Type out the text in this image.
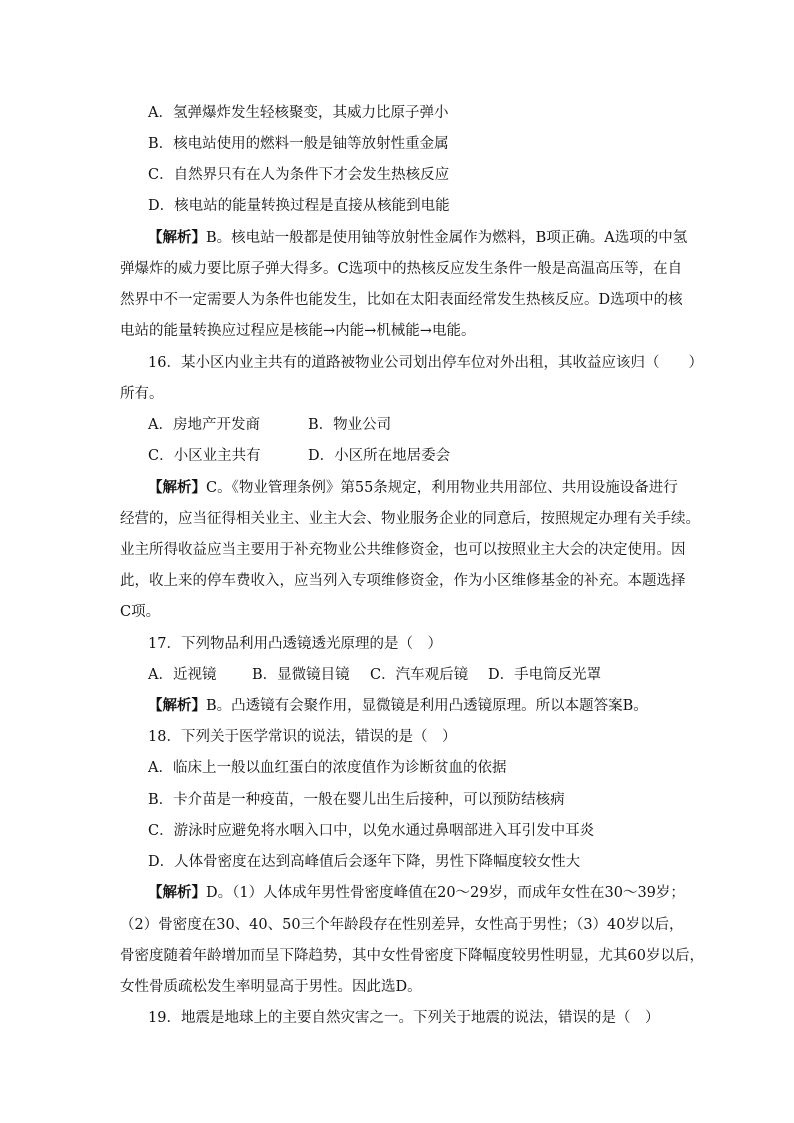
A．氢弹爆炸发生轻核聚变，其威力比原子弹小
B．核电站使用的燃料一般是铀等放射性重金属
C．自然界只有在人为条件下才会发生热核反应
D．核电站的能量转换过程是直接从核能到电能
【解析】B。核电站一般都是使用铀等放射性金属作为燃料，B项正确。A选项的中氢
弹爆炸的威力要比原子弹大得多。C选项中的热核反应发生条件一般是高温高压等，在自
然界中不一定需要人为条件也能发生，比如在太阳表面经常发生热核反应。D选项中的核
电站的能量转换应过程应是核能→内能→机械能→电能。
16．某小区内业主共有的道路被物业公司划出停车位对外出租，其收益应该归（　　）
所有。
A．房地产开发商	B．物业公司
C．小区业主共有	D．小区所在地居委会
【解析】C。《物业管理条例》第55条规定，利用物业共用部位、共用设施设备进行
经营的，应当征得相关业主、业主大会、物业服务企业的同意后，按照规定办理有关手续。
业主所得收益应当主要用于补充物业公共维修资金，也可以按照业主大会的决定使用。因
此，收上来的停车费收入，应当列入专项维修资金，作为小区维修基金的补充。本题选择
C项。
17．下列物品利用凸透镜透光原理的是（　）
A．近视镜 B．显微镜目镜 C．汽车观后镜 D．手电筒反光罩
【解析】B。凸透镜有会聚作用，显微镜是利用凸透镜原理。所以本题答案B。
18．下列关于医学常识的说法，错误的是（　）
A．临床上一般以血红蛋白的浓度值作为诊断贫血的依据
B．卡介苗是一种疫苗，一般在婴儿出生后接种，可以预防结核病
C．游泳时应避免将水咽入口中，以免水通过鼻咽部进入耳引发中耳炎
D．人体骨密度在达到高峰值后会逐年下降，男性下降幅度较女性大
【解析】D。（1）人体成年男性骨密度峰值在20～29岁，而成年女性在30～39岁；
（2）骨密度在30、40、50三个年龄段存在性别差异，女性高于男性；（3）40岁以后，
骨密度随着年龄增加而呈下降趋势，其中女性骨密度下降幅度较男性明显，尤其60岁以后，
女性骨质疏松发生率明显高于男性。因此选D。
19．地震是地球上的主要自然灾害之一。下列关于地震的说法，错误的是（　）
